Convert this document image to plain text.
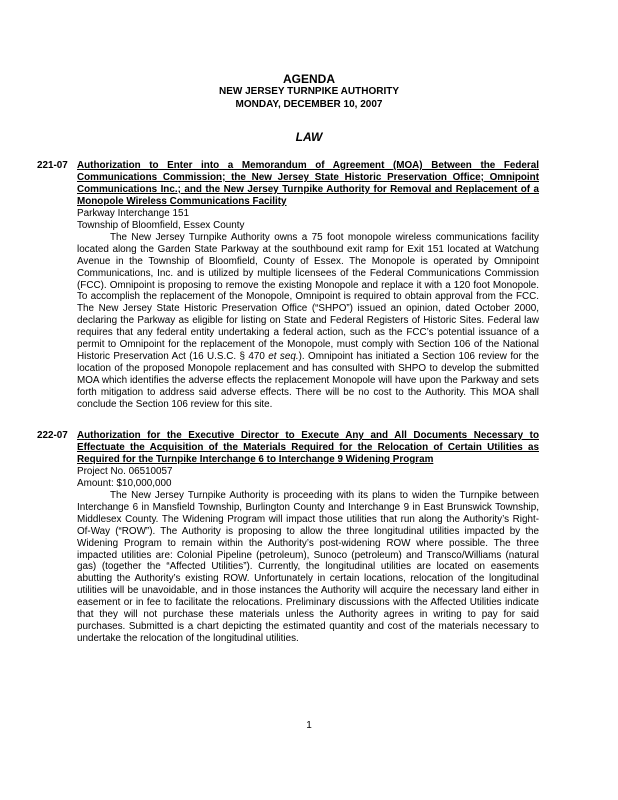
AGENDA
NEW JERSEY TURNPIKE AUTHORITY
MONDAY, DECEMBER 10, 2007
LAW
221-07 Authorization to Enter into a Memorandum of Agreement (MOA) Between the Federal Communications Commission; the New Jersey State Historic Preservation Office; Omnipoint Communications Inc.; and the New Jersey Turnpike Authority for Removal and Replacement of a Monopole Wireless Communications Facility
Parkway Interchange 151
Township of Bloomfield, Essex County
The New Jersey Turnpike Authority owns a 75 foot monopole wireless communications facility located along the Garden State Parkway at the southbound exit ramp for Exit 151 located at Watchung Avenue in the Township of Bloomfield, County of Essex. The Monopole is operated by Omnipoint Communications, Inc. and is utilized by multiple licensees of the Federal Communications Commission (FCC). Omnipoint is proposing to remove the existing Monopole and replace it with a 120 foot Monopole. To accomplish the replacement of the Monopole, Omnipoint is required to obtain approval from the FCC. The New Jersey State Historic Preservation Office (“SHPO”) issued an opinion, dated October 2000, declaring the Parkway as eligible for listing on State and Federal Registers of Historic Sites. Federal law requires that any federal entity undertaking a federal action, such as the FCC’s potential issuance of a permit to Omnipoint for the replacement of the Monopole, must comply with Section 106 of the National Historic Preservation Act (16 U.S.C. § 470 et seq.). Omnipoint has initiated a Section 106 review for the location of the proposed Monopole replacement and has consulted with SHPO to develop the submitted MOA which identifies the adverse effects the replacement Monopole will have upon the Parkway and sets forth mitigation to address said adverse effects. There will be no cost to the Authority. This MOA shall conclude the Section 106 review for this site.
222-07 Authorization for the Executive Director to Execute Any and All Documents Necessary to Effectuate the Acquisition of the Materials Required for the Relocation of Certain Utilities as Required for the Turnpike Interchange 6 to Interchange 9 Widening Program
Project No. 06510057
Amount: $10,000,000
The New Jersey Turnpike Authority is proceeding with its plans to widen the Turnpike between Interchange 6 in Mansfield Township, Burlington County and Interchange 9 in East Brunswick Township, Middlesex County. The Widening Program will impact those utilities that run along the Authority’s Right-Of-Way (“ROW”). The Authority is proposing to allow the three longitudinal utilities impacted by the Widening Program to remain within the Authority’s post-widening ROW where possible. The three impacted utilities are: Colonial Pipeline (petroleum), Sunoco (petroleum) and Transco/Williams (natural gas) (together the “Affected Utilities”). Currently, the longitudinal utilities are located on easements abutting the Authority’s existing ROW. Unfortunately in certain locations, relocation of the longitudinal utilities will be unavoidable, and in those instances the Authority will acquire the necessary land either in easement or in fee to facilitate the relocations. Preliminary discussions with the Affected Utilities indicate that they will not purchase these materials unless the Authority agrees in writing to pay for said purchases. Submitted is a chart depicting the estimated quantity and cost of the materials necessary to undertake the relocation of the longitudinal utilities.
1
